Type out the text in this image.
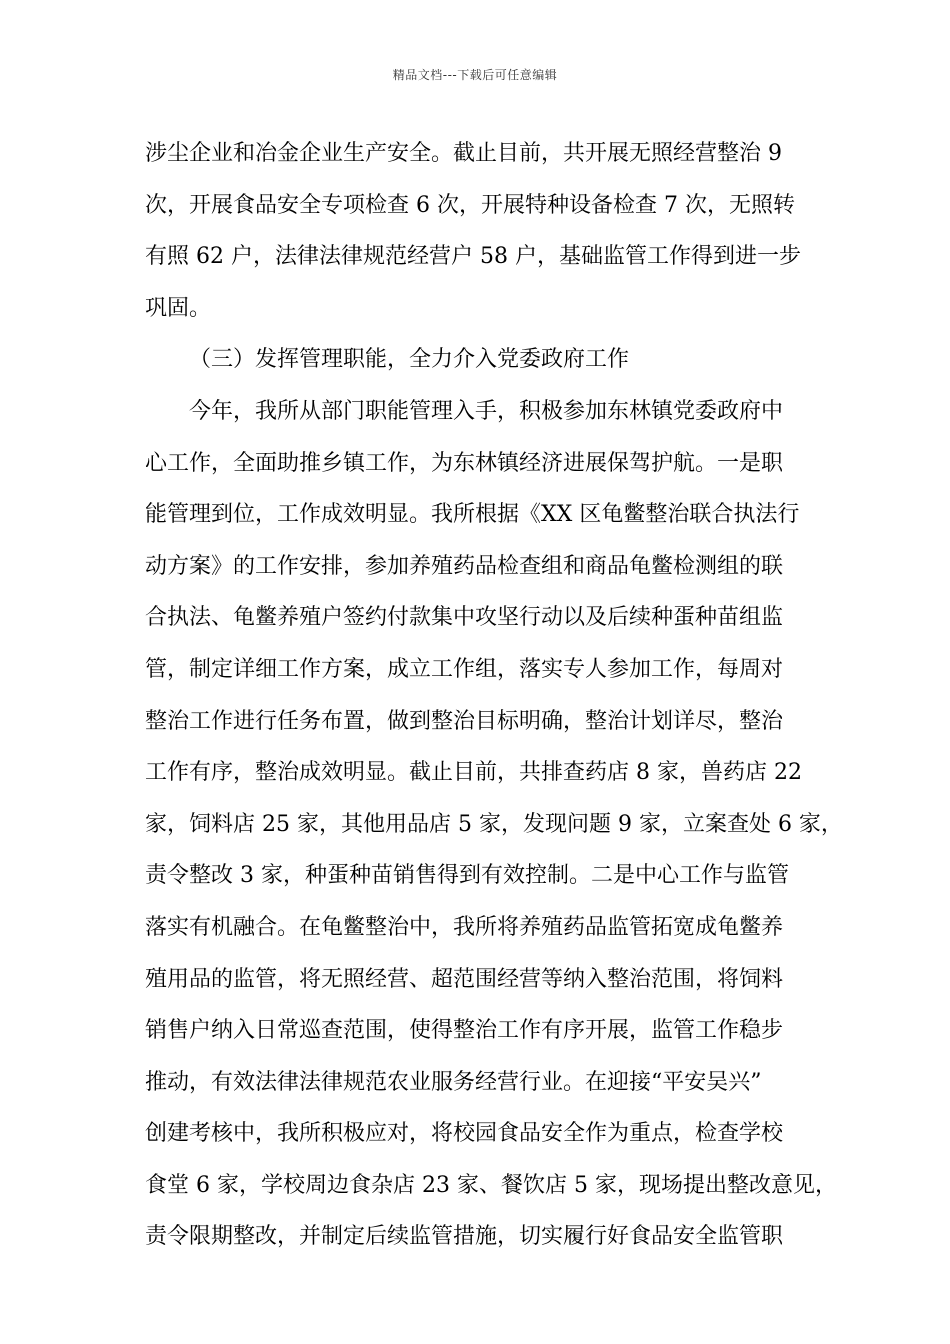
精品文档---下载后可任意编辑
涉尘企业和冶金企业生产安全。截止目前，共开展无照经营整治 9
次，开展食品安全专项检查 6 次，开展特种设备检查 7 次，无照转
有照 62 户，法律法律规范经营户 58 户，基础监管工作得到进一步
巩固。
（三）发挥管理职能，全力介入党委政府工作
今年，我所从部门职能管理入手，积极参加东林镇党委政府中
心工作，全面助推乡镇工作，为东林镇经济进展保驾护航。一是职
能管理到位，工作成效明显。我所根据《XX 区龟鳖整治联合执法行
动方案》的工作安排，参加养殖药品检查组和商品龟鳖检测组的联
合执法、龟鳖养殖户签约付款集中攻坚行动以及后续种蛋种苗组监
管，制定详细工作方案，成立工作组，落实专人参加工作，每周对
整治工作进行任务布置，做到整治目标明确，整治计划详尽，整治
工作有序，整治成效明显。截止目前，共排查药店 8 家，兽药店 22
家，饲料店 25 家，其他用品店 5 家，发现问题 9 家，立案查处 6 家，
责令整改 3 家，种蛋种苗销售得到有效控制。二是中心工作与监管
落实有机融合。在龟鳖整治中，我所将养殖药品监管拓宽成龟鳖养
殖用品的监管，将无照经营、超范围经营等纳入整治范围，将饲料
销售户纳入日常巡查范围，使得整治工作有序开展，监管工作稳步
推动，有效法律法律规范农业服务经营行业。在迎接“平安吴兴”
创建考核中，我所积极应对，将校园食品安全作为重点，检查学校
食堂 6 家，学校周边食杂店 23 家、餐饮店 5 家，现场提出整改意见，
责令限期整改，并制定后续监管措施，切实履行好食品安全监管职
